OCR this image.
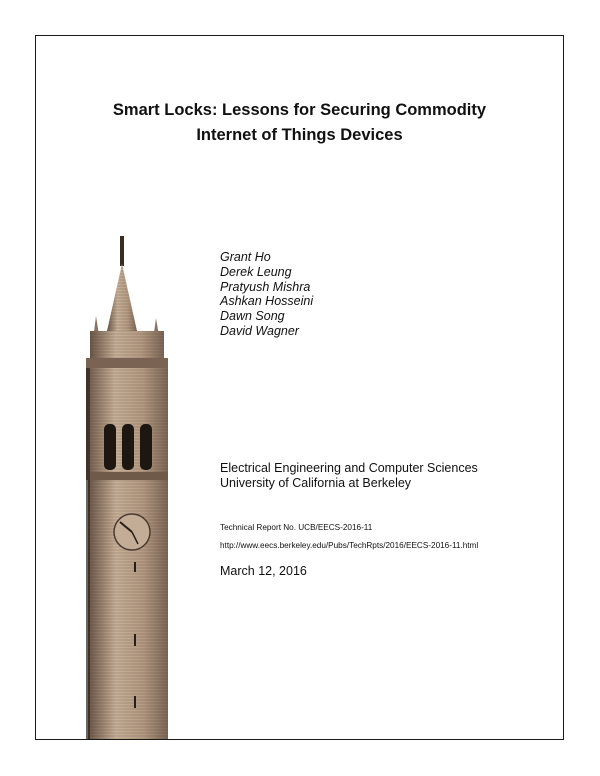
Smart Locks: Lessons for Securing Commodity
Internet of Things Devices
Grant Ho
Derek Leung
Pratyush Mishra
Ashkan Hosseini
Dawn Song
David Wagner
Electrical Engineering and Computer Sciences
University of California at Berkeley
Technical Report No. UCB/EECS-2016-11
http://www.eecs.berkeley.edu/Pubs/TechRpts/2016/EECS-2016-11.html
March 12, 2016
